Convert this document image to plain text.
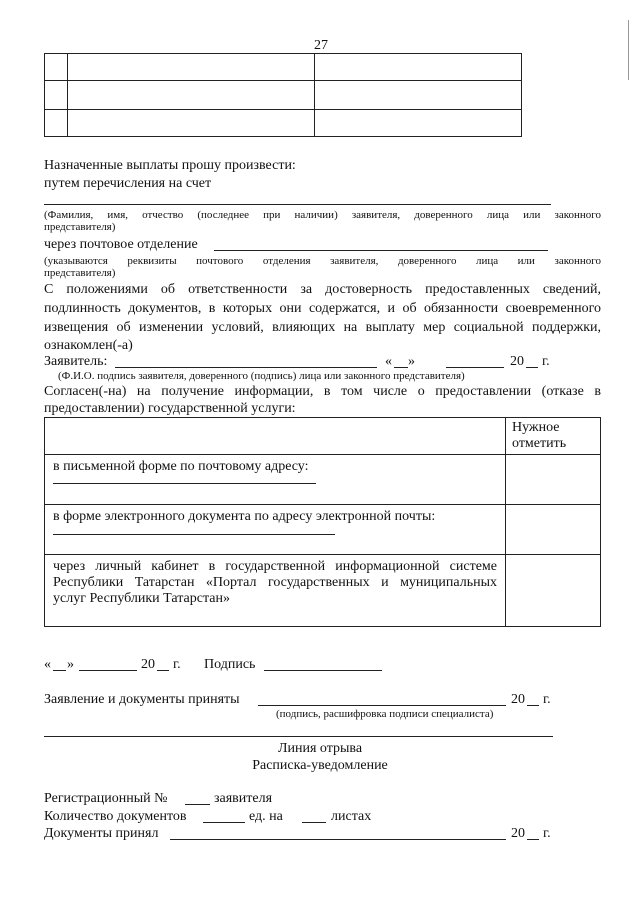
27

Назначенные выплаты прошу произвести:
путем перечисления на счет
(Фамилия, имя, отчество (последнее при наличии) заявителя, доверенного лица или законного
представителя)
через почтовое отделение
(указываются реквизиты почтового отделения заявителя, доверенного лица или законного
представителя)
С положениями об ответственности за достоверность предоставленных сведений,
подлинность документов, в которых они содержатся, и об обязанности своевременного
извещения об изменении условий, влияющих на выплату мер социальной поддержки,
ознакомлен(-а)
Заявитель:	« »	20 г.
(Ф.И.О. подпись заявителя, доверенного (подпись) лица или законного представителя)
Согласен(-на) на получение информации, в том числе о предоставлении (отказе в
предоставлении) государственной услуги:

	Нужное
отметить

в письменной форме по почтовому адресу:	

в форме электронного документа по адресу электронной почты:	

через личный кабинет в государственной информационной системе
Республики Татарстан «Портал государственных и муниципальных
услуг Республики Татарстан»	

« »	20 г. Подпись
Заявление и документы приняты	20 г.
(подпись, расшифровка подписи специалиста)
Линия отрыва
Расписка-уведомление
Регистрационный №	заявителя
Количество документов	ед. на	листах
Документы принял	20 г.
